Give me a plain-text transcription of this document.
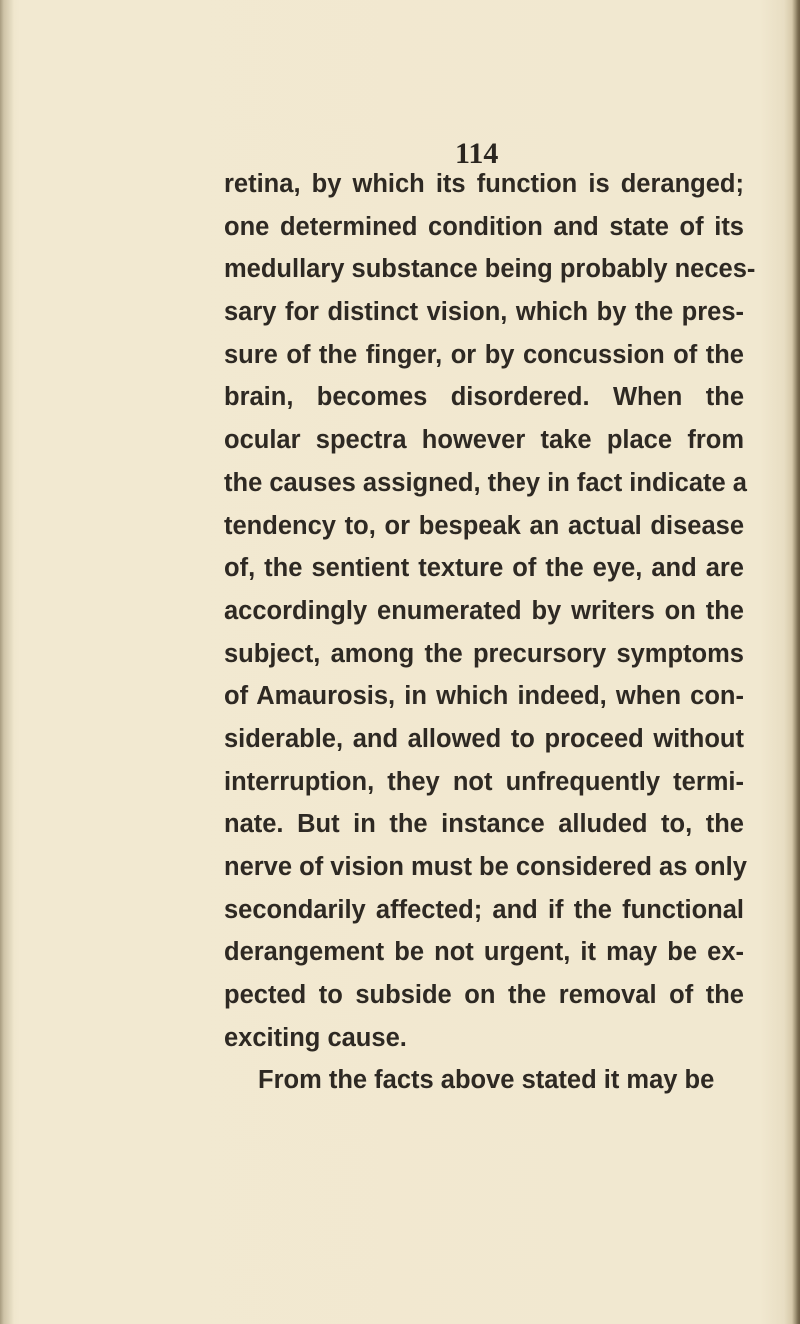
114
retina, by which its function is deranged;
one determined condition and state of its
medullary substance being probably neces-
sary for distinct vision, which by the pres-
sure of the finger, or by concussion of the
brain, becomes disordered. When the
ocular spectra however take place from
the causes assigned, they in fact indicate a
tendency to, or bespeak an actual disease
of, the sentient texture of the eye, and are
accordingly enumerated by writers on the
subject, among the precursory symptoms
of Amaurosis, in which indeed, when con-
siderable, and allowed to proceed without
interruption, they not unfrequently termi-
nate. But in the instance alluded to, the
nerve of vision must be considered as only
secondarily affected; and if the functional
derangement be not urgent, it may be ex-
pected to subside on the removal of the
exciting cause.
From the facts above stated it may be
